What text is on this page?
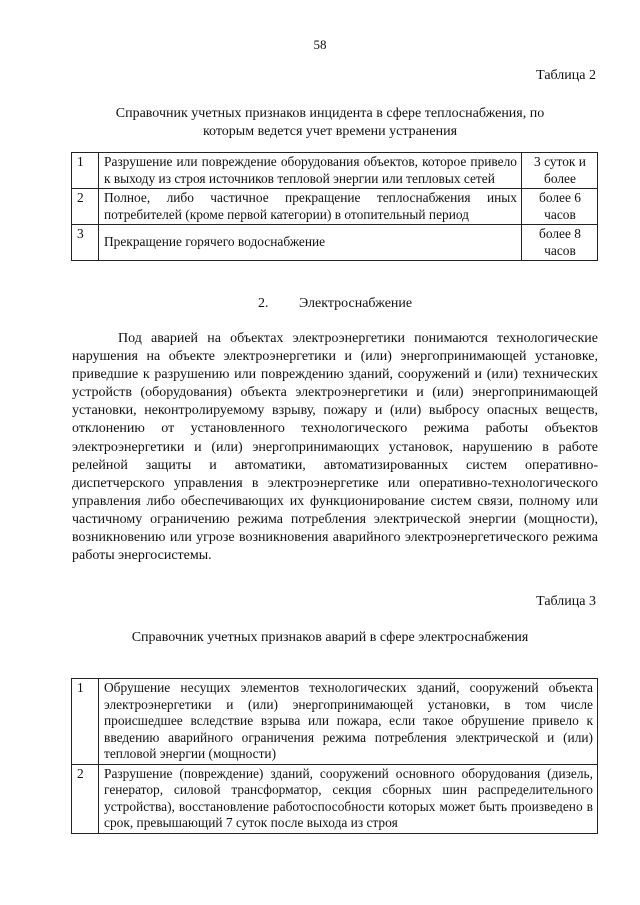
58
Таблица 2
Справочник учетных признаков инцидента в сфере теплоснабжения, по
которым ведется учет времени устранения
1	Разрушение или повреждение оборудования объектов, которое привело к выходу из строя источников тепловой энергии или тепловых сетей	3 суток и более
2	Полное, либо частичное прекращение теплоснабжения иных потребителей (кроме первой категории) в отопительный период	более 6 часов
3	Прекращение горячего водоснабжение	более 8 часов
2. Электроснабжение

Под аварией на объектах электроэнергетики понимаются технологические нарушения на объекте электроэнергетики и (или) энергопринимающей установке, приведшие к разрушению или повреждению зданий, сооружений и (или) технических устройств (оборудования) объекта электроэнергетики и (или) энергопринимающей установки, неконтролируемому взрыву, пожару и (или) выбросу опасных веществ, отклонению от установленного технологического режима работы объектов электроэнергетики и (или) энергопринимающих установок, нарушению в работе релейной защиты и автоматики, автоматизированных систем оперативно-диспетчерского управления в электроэнергетике или оперативно-технологического управления либо обеспечивающих их функционирование систем связи, полному или частичному ограничению режима потребления электрической энергии (мощности), возникновению или угрозе возникновения аварийного электроэнергетического режима работы энергосистемы.

Таблица 3
Справочник учетных признаков аварий в сфере электроснабжения
1	Обрушение несущих элементов технологических зданий, сооружений объекта электроэнергетики и (или) энергопринимающей установки, в том числе происшедшее вследствие взрыва или пожара, если такое обрушение привело к введению аварийного ограничения режима потребления электрической и (или) тепловой энергии (мощности)
2	Разрушение (повреждение) зданий, сооружений основного оборудования (дизель, генератор, силовой трансформатор, секция сборных шин распределительного устройства), восстановление работоспособности которых может быть произведено в срок, превышающий 7 суток после выхода из строя
